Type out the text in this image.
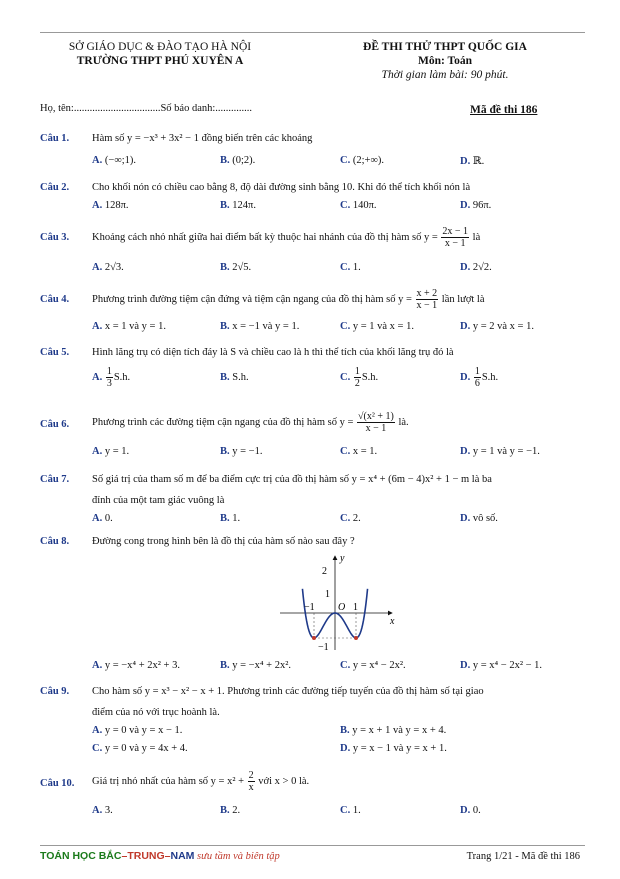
SỞ GIÁO DỤC & ĐÀO TẠO HÀ NỘI
TRƯỜNG THPT PHÚ XUYÊN A
ĐỀ THI THỬ THPT QUỐC GIA
Môn: Toán
Thời gian làm bài: 90 phút.
Họ, tên:.................................Số báo danh:..............	Mã đề thi 186
Câu 1. Hàm số y = −x³ + 3x² − 1 đồng biến trên các khoảng
A. (−∞;1).	B. (0;2).	C. (2;+∞).	D. ℝ.
Câu 2. Cho khối nón có chiều cao bằng 8, độ dài đường sinh bằng 10. Khi đó thể tích khối nón là
A. 128π.	B. 124π.	C. 140π.	D. 96π.
Câu 3. Khoảng cách nhỏ nhất giữa hai điểm bất kỳ thuộc hai nhánh của đồ thị hàm số $y = \frac{2x - 1}{x - 1}$ là
A. 2√3.	B. 2√5.	C. 1.	D. 2√2.
Câu 4. Phương trình đường tiệm cận đứng và tiệm cận ngang của đồ thị hàm số $y = \frac{x + 2}{x - 1}$ lần lượt là
A. x = 1 và y = 1.	B. x = −1 và y = 1.	C. y = 1 và x = 1.	D. y = 2 và x = 1.
Câu 5. Hình lăng trụ có diện tích đáy là S và chiều cao là h thì thể tích của khối lăng trụ đó là
A. $\frac{1}{3} S.h$.	B. S.h.	C. $\frac{1}{2} S.h$.	D. $\frac{1}{6} S.h$.
Câu 6. Phương trình các đường tiệm cận ngang của đồ thị hàm số $y = \frac{\text{√(x² + 1)}}{x - 1}$ là.
A. y = 1.	B. y = −1.	C. x = 1.	D. y = 1 và y = −1.
Câu 7. Số giá trị của tham số m để ba điểm cực trị của đồ thị hàm số y = x⁴ + (6m − 4)x² + 1 − m là ba
đỉnh của một tam giác vuông là
A. 0.	B. 1.	C. 2.	D. vô số.
Câu 8. Đường cong trong hình bên là đồ thị của hàm số nào sau đây ?
y
x
O
2
1
−1
−1	1
A. y = −x⁴ + 2x² + 3.	B. y = −x⁴ + 2x².	C. y = x⁴ − 2x².	D. y = x⁴ − 2x² − 1.
Câu 9. Cho hàm số y = x³ − x² − x + 1. Phương trình các đường tiếp tuyến của đồ thị hàm số tại giao
điểm của nó với trục hoành là.
A. y = 0 và y = x − 1.	B. y = x + 1 và y = x + 4.
C. y = 0 và y = 4x + 4.	D. y = x − 1 và y = x + 1.
Câu 10. Giá trị nhỏ nhất của hàm số $y = x^2 + \frac{2}{x}$ với x > 0 là.
A. 3.	B. 2.	C. 1.	D. 0.
TOÁN HỌC BẮC–TRUNG–NAM sưu tầm và biên tập	Trang 1/21 - Mã đề thi 186
